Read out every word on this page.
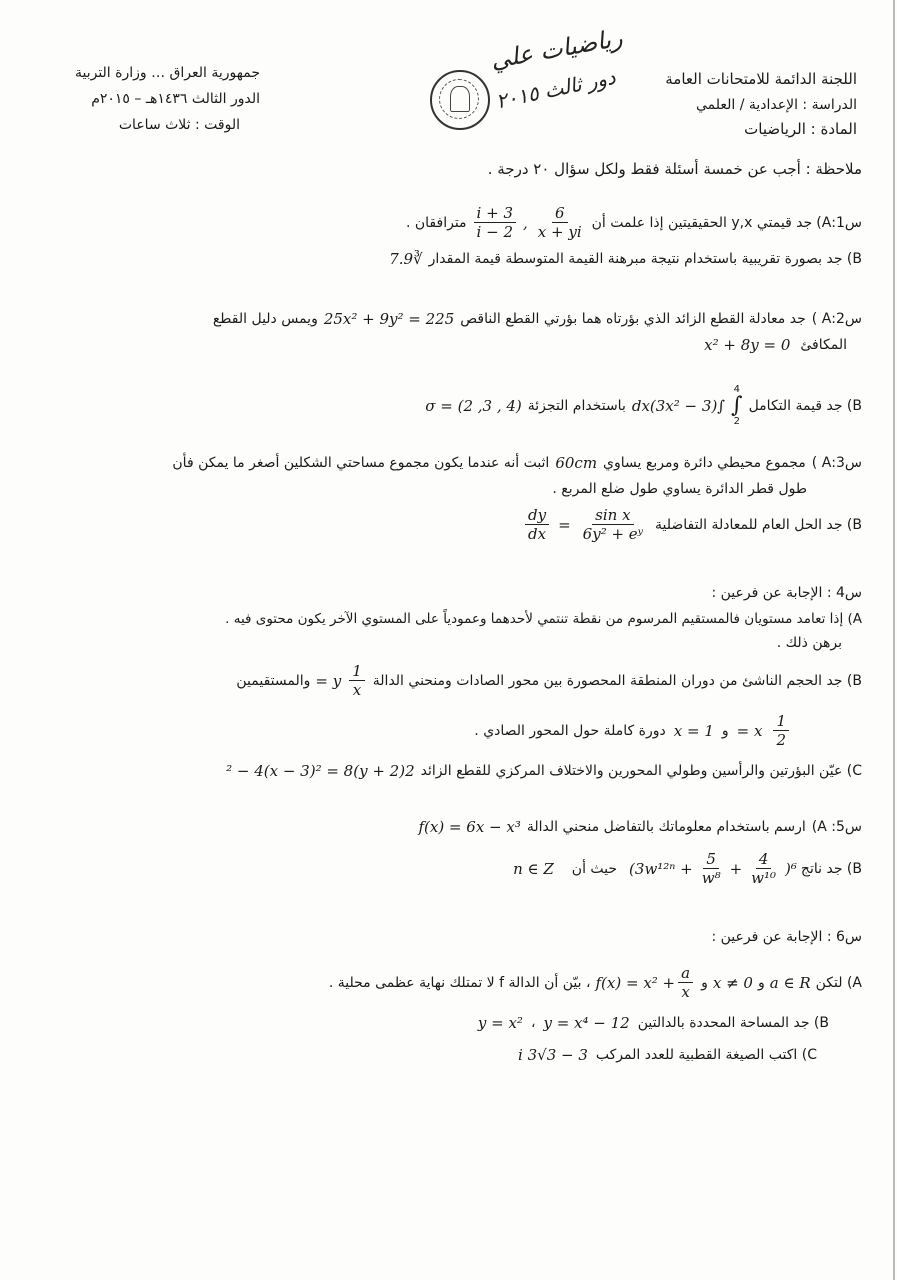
اللجنة الدائمة للامتحانات العامة
الدراسة : الإعدادية / العلمي
المادة : الرياضيات
رياضيات علي
دور ثالث ٢٠١٥
جمهورية العراق … وزارة التربية
الدور الثالث ١٤٣٦هـ – ٢٠١٥م
الوقت : ثلاث ساعات
ملاحظة : أجب عن خمسة أسئلة فقط ولكل سؤال ٢٠ درجة .
س1:A)
جد قيمتي y,x الحقيقيتين إذا علمت أن
$\frac{6}{x + yi}$
,
$\frac{3 + i}{2 - i}$
مترافقان .
B) جد بصورة تقريبية باستخدام نتيجة مبرهنة القيمة المتوسطة قيمة المقدار
∛7.9
س2:A )
جد معادلة القطع الزائد الذي بؤرتاه هما بؤرتي القطع الناقص
25x² + 9y² = 225
ويمس دليل القطع
المكافئ
x² + 8y = 0
B) جد قيمة التكامل
4
∫
2
∫(3x² − 3)dx
باستخدام التجزئة
σ = (2 ,3 , 4)
س3:A )
مجموع محيطي دائرة ومربع يساوي
60cm
اثبت أنه عندما يكون مجموع مساحتي الشكلين أصغر ما يمكن فأن
طول قطر الدائرة يساوي طول ضلع المربع .
B) جد الحل العام للمعادلة التفاضلية
$\frac{\text{sin x}}{\text{6y² + eʸ}}$
=
$\frac{dy}{dx}$
س4 : الإجابة عن فرعين :
A) إذا تعامد مستويان فالمستقيم المرسوم من نقطة تنتمي لأحدهما وعمودياً على المستوي الآخر يكون محتوى فيه .
برهن ذلك .
B) جد الحجم الناشئ من دوران المنطقة المحصورة بين محور الصادات ومنحني الدالة
$\frac{1}{x}$
y =
والمستقيمين
$\frac{1}{2}$
x =
و
x = 1
دورة كاملة حول المحور الصادي .
C) عيّن البؤرتين والرأسين وطولي المحورين والاختلاف المركزي للقطع الزائد
2(y + 2)² − 4(x − 3)² = 8
س5: A)
ارسم باستخدام معلوماتك بالتفاضل منحني الدالة
f(x) = 6x − x³
B) جد ناتج
$(3w^{12n} + \frac{5}{\text{w⁸}} + \frac{4}{\text{w¹⁰}} )^6$
حيث أن
n ∈ Z
س6 : الإجابة عن فرعين :
A) لتكن
a ∈ R
و
x ≠ 0
و
$f(x) = x^2 + \frac{a}{x}$
، بيّن أن الدالة f لا تمتلك نهاية عظمى محلية .
B) جد المساحة المحددة بالدالتين
y = x⁴ − 12
،
y = x²
C) اكتب الصيغة القطبية للعدد المركب
3 − 3√3 i
